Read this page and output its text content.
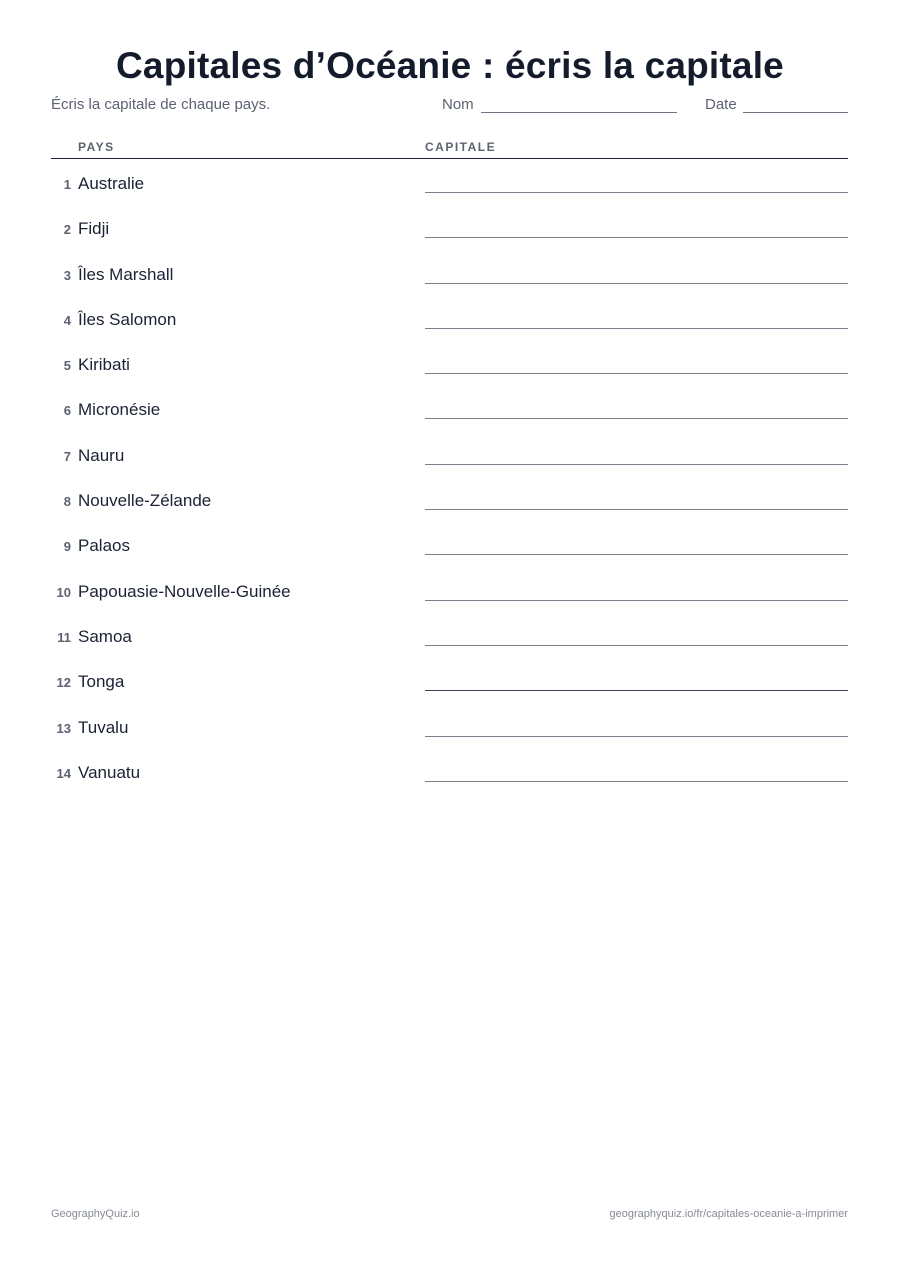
Capitales d’Océanie : écris la capitale
Écris la capitale de chaque pays.	Nom	Date
PAYS	CAPITALE
1 Australie
2 Fidji
3 Îles Marshall
4 Îles Salomon
5 Kiribati
6 Micronésie
7 Nauru
8 Nouvelle-Zélande
9 Palaos
10 Papouasie-Nouvelle-Guinée
11 Samoa
12 Tonga
13 Tuvalu
14 Vanuatu
GeographyQuiz.io	geographyquiz.io/fr/capitales-oceanie-a-imprimer
